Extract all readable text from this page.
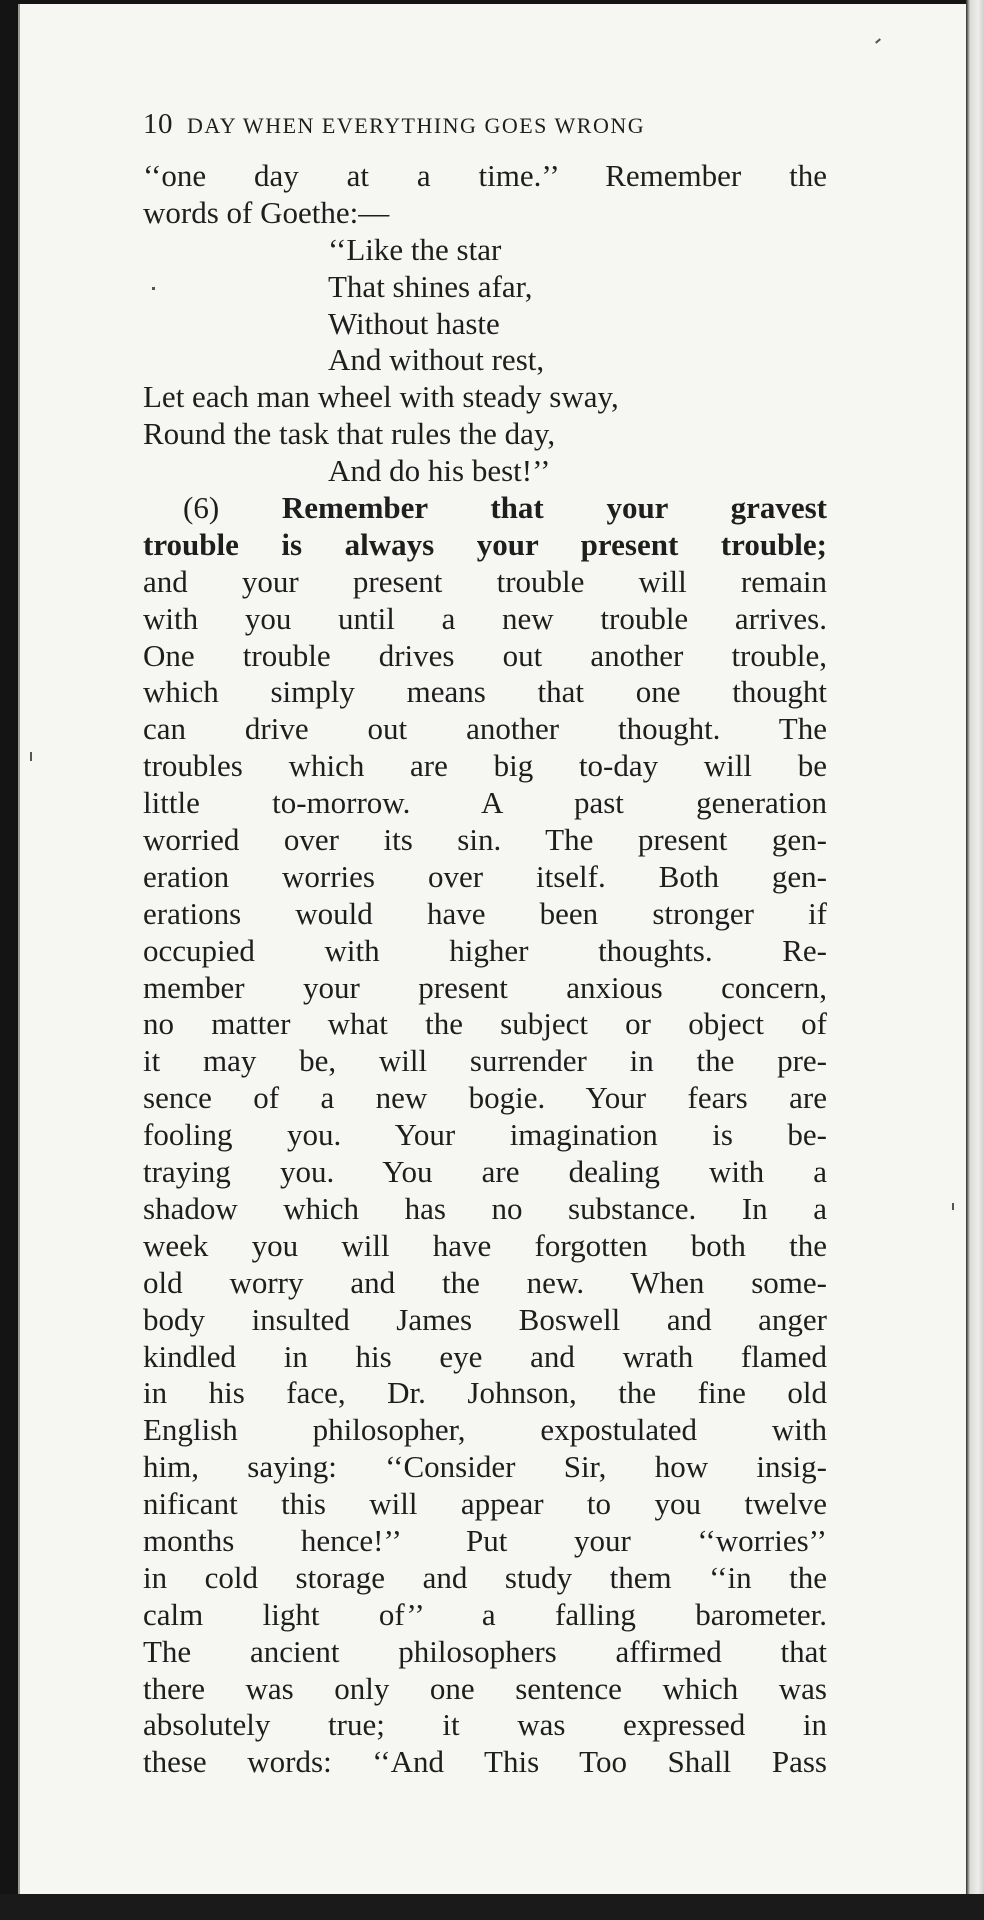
10 DAY WHEN EVERYTHING GOES WRONG
‘‘one day at a time.’’ Remember the
words of Goethe:—
‘‘Like the star
That shines afar,
Without haste
And without rest,
Let each man wheel with steady sway,
Round the task that rules the day,
And do his best!’’
(6) Remember that your gravest
trouble is always your present trouble;
and your present trouble will remain
with you until a new trouble arrives.
One trouble drives out another trouble,
which simply means that one thought
can drive out another thought. The
troubles which are big to-day will be
little to-morrow. A past generation
worried over its sin. The present gen-
eration worries over itself. Both gen-
erations would have been stronger if
occupied with higher thoughts. Re-
member your present anxious concern,
no matter what the subject or object of
it may be, will surrender in the pre-
sence of a new bogie. Your fears are
fooling you. Your imagination is be-
traying you. You are dealing with a
shadow which has no substance. In a
week you will have forgotten both the
old worry and the new. When some-
body insulted James Boswell and anger
kindled in his eye and wrath flamed
in his face, Dr. Johnson, the fine old
English philosopher, expostulated with
him, saying: ‘‘Consider Sir, how insig-
nificant this will appear to you twelve
months hence!’’ Put your ‘‘worries’’
in cold storage and study them ‘‘in the
calm light of’’ a falling barometer.
The ancient philosophers affirmed that
there was only one sentence which was
absolutely true; it was expressed in
these words: ‘‘And This Too Shall Pass
